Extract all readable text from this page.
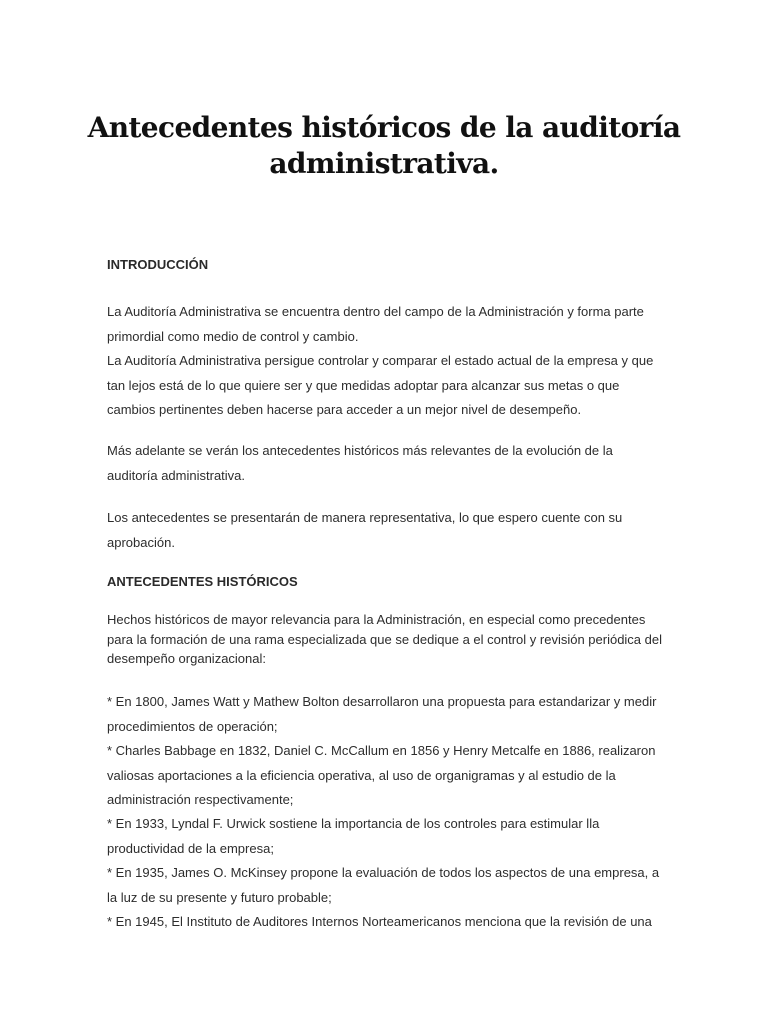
Antecedentes históricos de la auditoría administrativa.

INTRODUCCIÓN

La Auditoría Administrativa se encuentra dentro del campo de la Administración y forma parte primordial como medio de control y cambio.

La Auditoría Administrativa persigue controlar y comparar el estado actual de la empresa y que tan lejos está de lo que quiere ser y que medidas adoptar para alcanzar sus metas o que cambios pertinentes deben hacerse para acceder a un mejor nivel de desempeño.

Más adelante se verán los antecedentes históricos más relevantes de la evolución de la auditoría administrativa.

Los antecedentes se presentarán de manera representativa, lo que espero cuente con su aprobación.

ANTECEDENTES HISTÓRICOS

Hechos históricos de mayor relevancia para la Administración, en especial como precedentes para la formación de una rama especializada que se dedique a el control y revisión periódica del desempeño organizacional:

* En 1800, James Watt y Mathew Bolton desarrollaron una propuesta para estandarizar y medir procedimientos de operación;

* Charles Babbage en 1832, Daniel C. McCallum en 1856 y Henry Metcalfe en 1886, realizaron valiosas aportaciones a la eficiencia operativa, al uso de organigramas y al estudio de la administración respectivamente;

* En 1933, Lyndal F. Urwick sostiene la importancia de los controles para estimular lla productividad de la empresa;

* En 1935, James O. McKinsey propone la evaluación de todos los aspectos de una empresa, a la luz de su presente y futuro probable;

* En 1945, El Instituto de Auditores Internos Norteamericanos menciona que la revisión de una
